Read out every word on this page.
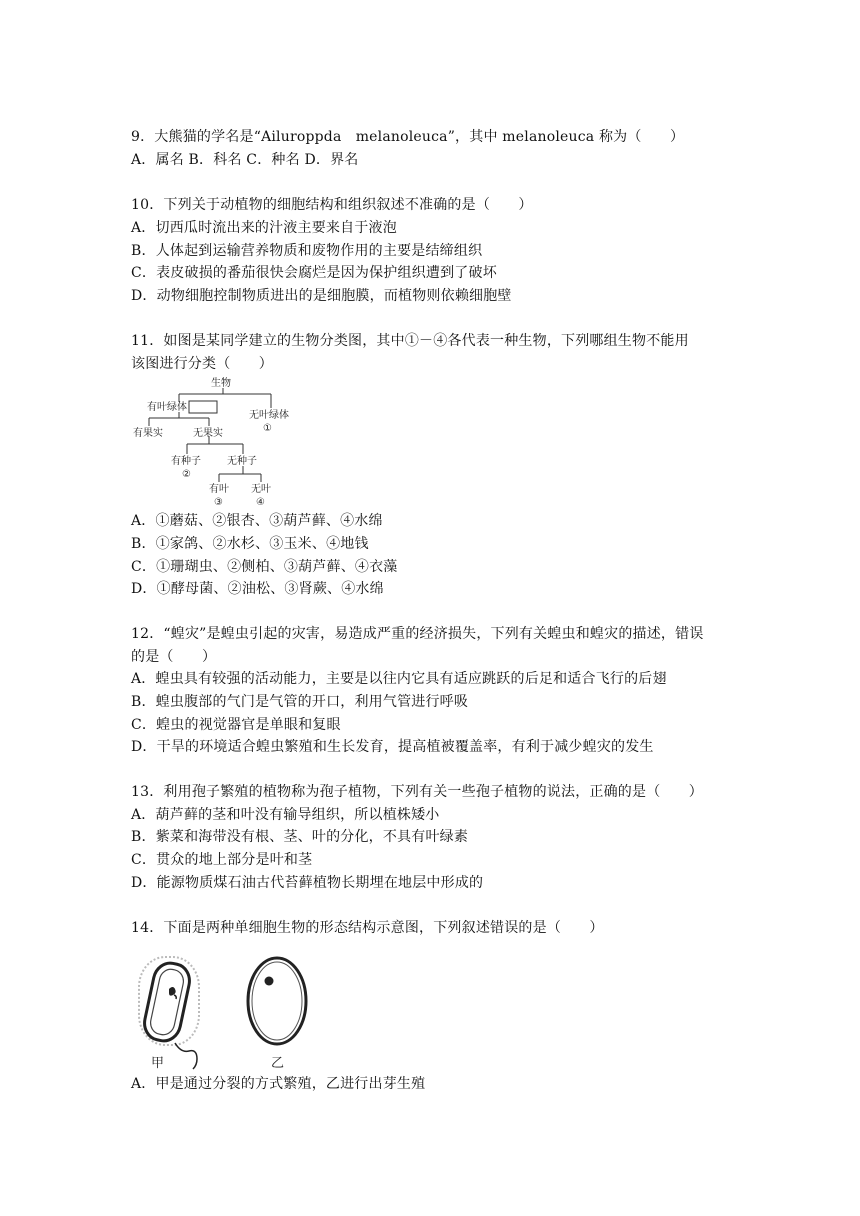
9．大熊猫的学名是“Ailuroppda　melanoleuca”，其中 melanoleuca 称为（　　）
A．属名 B．科名 C．种名 D．界名
10．下列关于动植物的细胞结构和组织叙述不准确的是（　　）
A．切西瓜时流出来的汁液主要来自于液泡
B．人体起到运输营养物质和废物作用的主要是结缔组织
C．表皮破损的番茄很快会腐烂是因为保护组织遭到了破坏
D．动物细胞控制物质进出的是细胞膜，而植物则依赖细胞壁
11．如图是某同学建立的生物分类图，其中①－④各代表一种生物，下列哪组生物不能用
该图进行分类（　　）
生物
有叶绿体
无叶绿体
①
有果实	无果实
有种子
②
无种子
有叶
③
无叶
④
A．①蘑菇、②银杏、③葫芦藓、④水绵
B．①家鸽、②水杉、③玉米、④地钱
C．①珊瑚虫、②侧柏、③葫芦藓、④衣藻
D．①酵母菌、②油松、③肾蕨、④水绵
12．“蝗灾”是蝗虫引起的灾害，易造成严重的经济损失，下列有关蝗虫和蝗灾的描述，错误
的是（　　）
A．蝗虫具有较强的活动能力，主要是以往内它具有适应跳跃的后足和适合飞行的后翅
B．蝗虫腹部的气门是气管的开口，利用气管进行呼吸
C．蝗虫的视觉器官是单眼和复眼
D．干旱的环境适合蝗虫繁殖和生长发育，提高植被覆盖率，有利于减少蝗灾的发生
13．利用孢子繁殖的植物称为孢子植物，下列有关一些孢子植物的说法，正确的是（　　）
A．葫芦藓的茎和叶没有输导组织，所以植株矮小
B．紫菜和海带没有根、茎、叶的分化，不具有叶绿素
C．贯众的地上部分是叶和茎
D．能源物质煤石油古代苔藓植物长期埋在地层中形成的
14．下面是两种单细胞生物的形态结构示意图，下列叙述错误的是（　　）
甲	乙
A．甲是通过分裂的方式繁殖，乙进行出芽生殖
